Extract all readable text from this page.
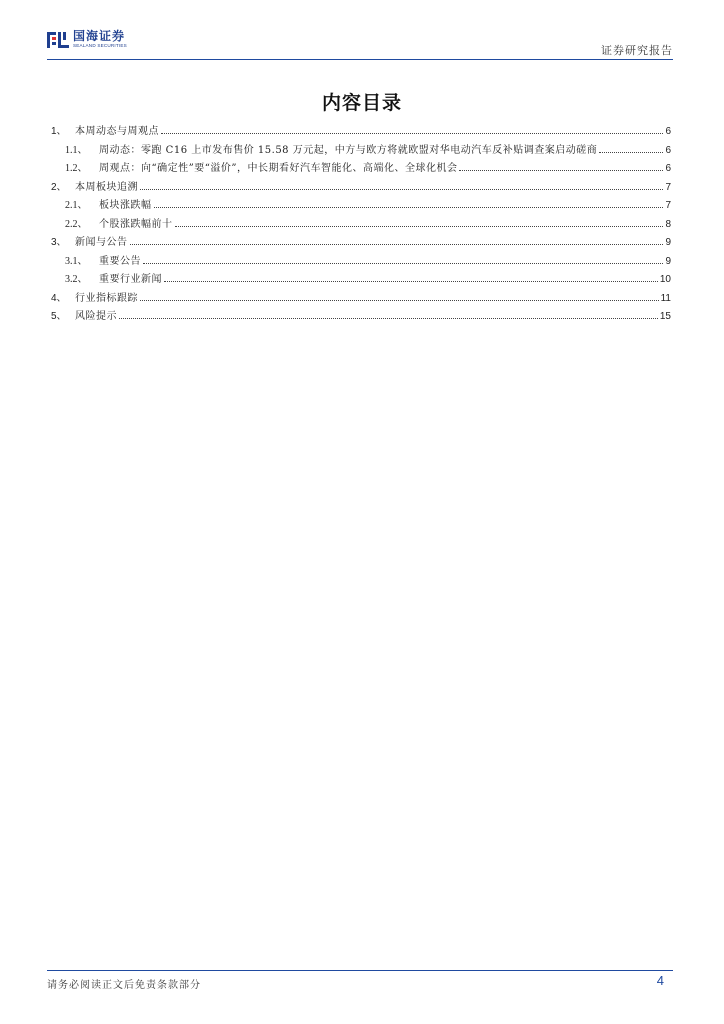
国海证券
SEALAND SECURITIES	证券研究报告
内容目录
1、 本周动态与周观点	6
1.1、	周动态：零跑 C16 上市发布售价 15.58 万元起，中方与欧方将就欧盟对华电动汽车反补贴调查案启动磋商	6
1.2、	周观点：向“确定性”要“溢价”，中长期看好汽车智能化、高端化、全球化机会	6
2、 本周板块追溯	7
2.1、	板块涨跌幅	7
2.2、	个股涨跌幅前十	8
3、 新闻与公告	9
3.1、	重要公告	9
3.2、	重要行业新闻	10
4、 行业指标跟踪	11
5、 风险提示	15
请务必阅读正文后免责条款部分	4
